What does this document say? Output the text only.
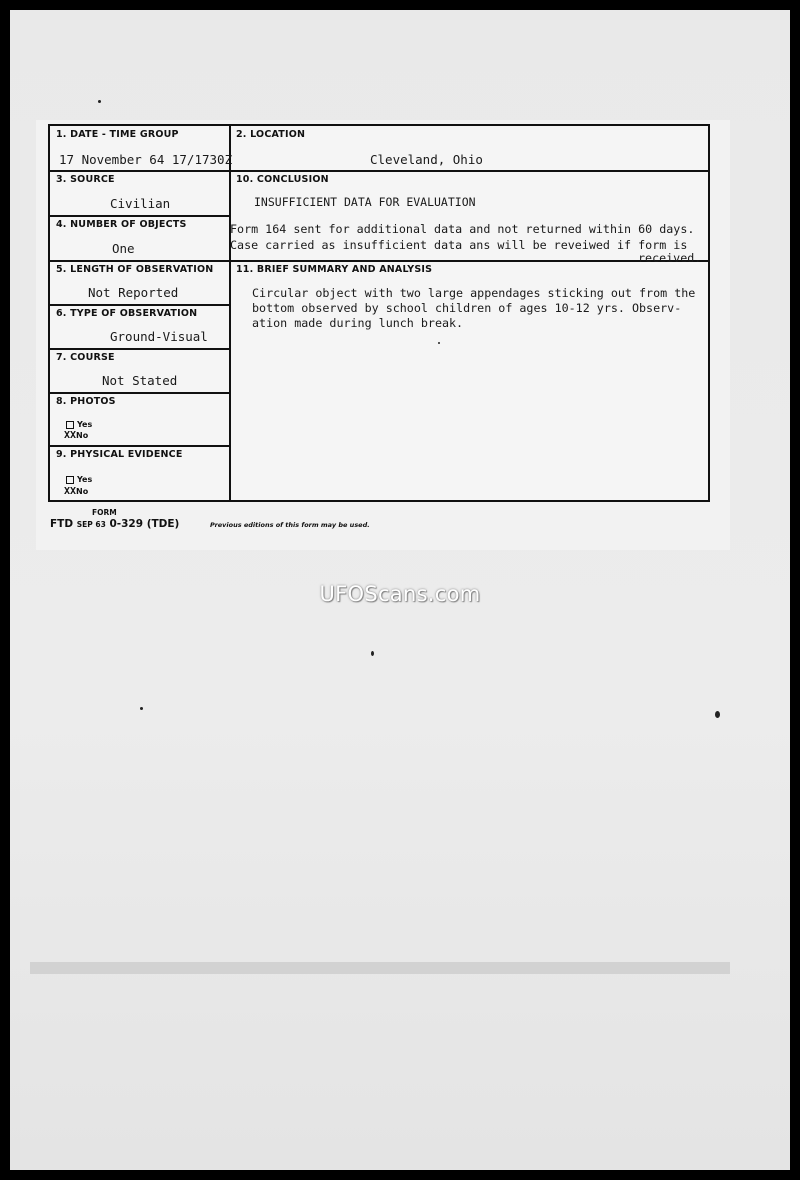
1. DATE - TIME GROUP
17 November 64 17/1730Z
2. LOCATION
Cleveland, Ohio
3. SOURCE
Civilian
4. NUMBER OF OBJECTS
One
5. LENGTH OF OBSERVATION
Not Reported
6. TYPE OF OBSERVATION
Ground-Visual
7. COURSE
Not Stated
8. PHOTOS
Yes
XXNo
9. PHYSICAL EVIDENCE
Yes
XXNo
10. CONCLUSION
INSUFFICIENT DATA FOR EVALUATION
Form 164 sent for additional data and not returned within 60 days.
Case carried as insufficient data ans will be reveiwed if form is
received.
11. BRIEF SUMMARY AND ANALYSIS
Circular object with two large appendages sticking out from the
bottom observed by school children of ages 10-12 yrs. Observ-
ation made during lunch break.
FORM
FTD SEP 63 0-329 (TDE)	Previous editions of this form may be used.
UFOScans.com
